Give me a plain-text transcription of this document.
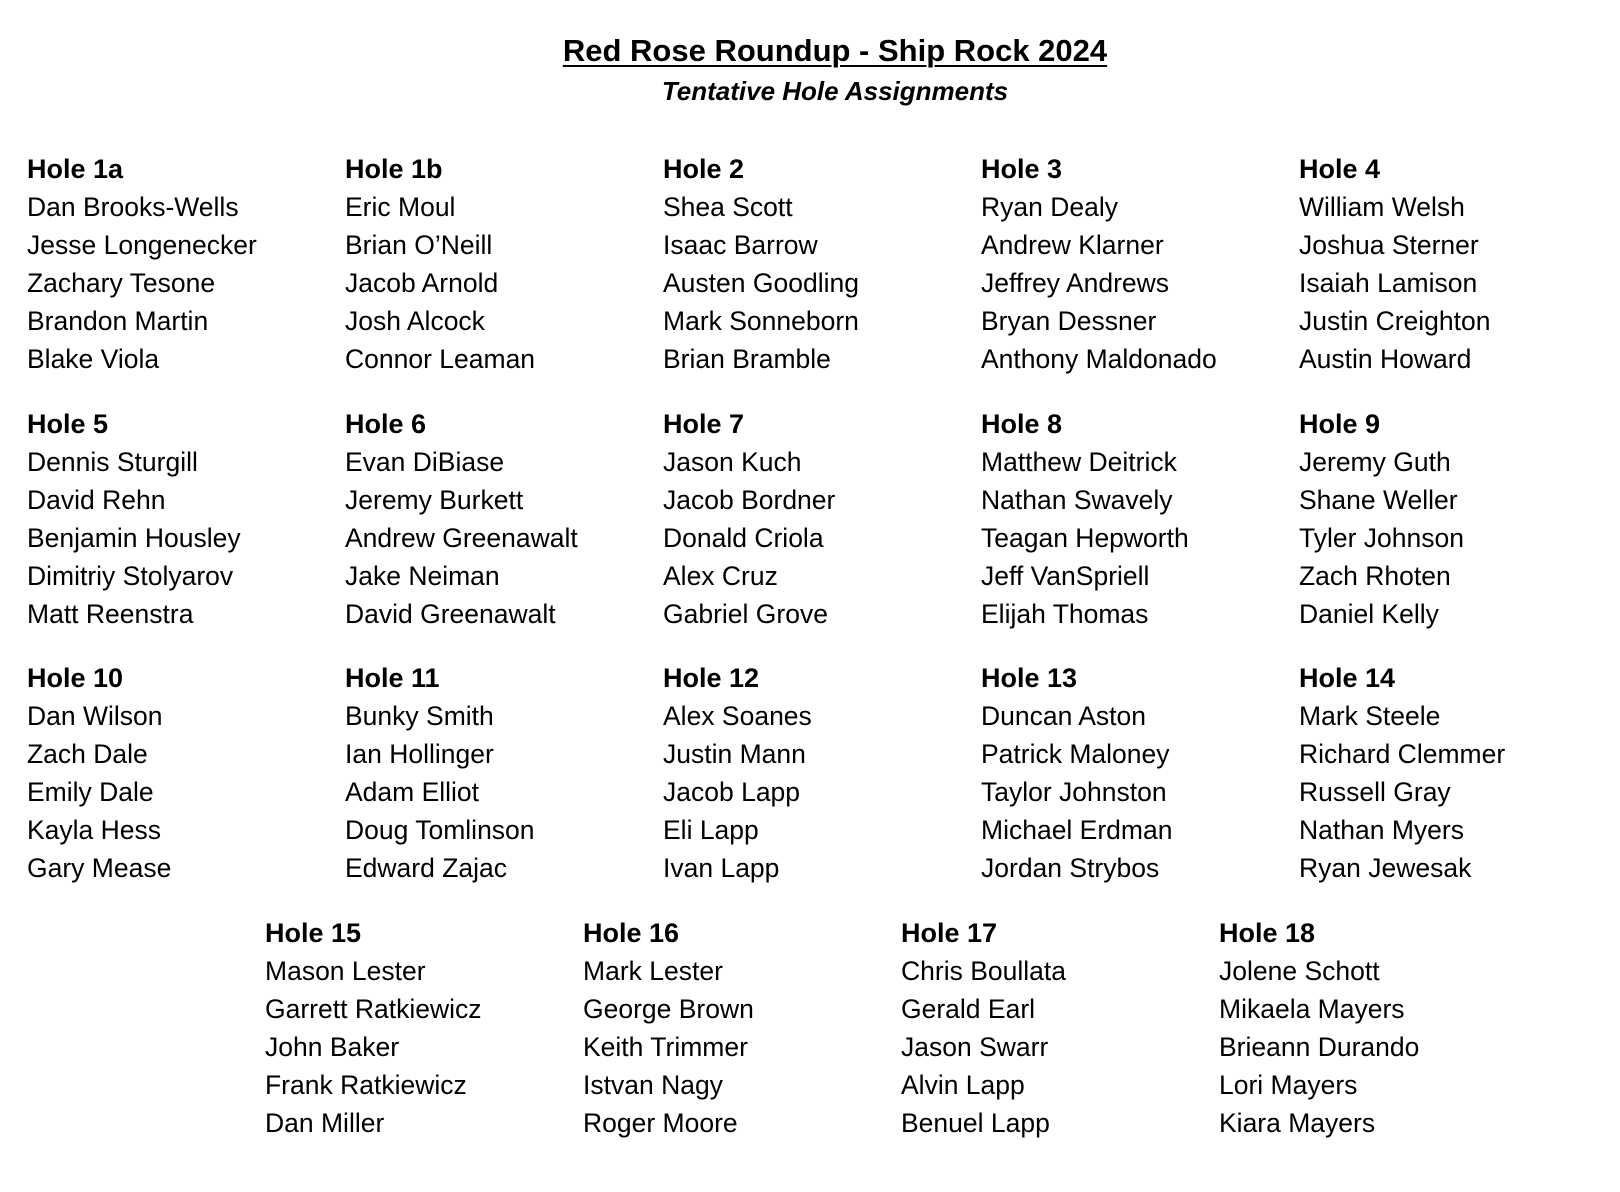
Red Rose Roundup - Ship Rock 2024
Tentative Hole Assignments
Hole 1a
Dan Brooks-Wells
Jesse Longenecker
Zachary Tesone
Brandon Martin
Blake Viola
Hole 1b
Eric Moul
Brian O’Neill
Jacob Arnold
Josh Alcock
Connor Leaman
Hole 2
Shea Scott
Isaac Barrow
Austen Goodling
Mark Sonneborn
Brian Bramble
Hole 3
Ryan Dealy
Andrew Klarner
Jeffrey Andrews
Bryan Dessner
Anthony Maldonado
Hole 4
William Welsh
Joshua Sterner
Isaiah Lamison
Justin Creighton
Austin Howard
Hole 5
Dennis Sturgill
David Rehn
Benjamin Housley
Dimitriy Stolyarov
Matt Reenstra
Hole 6
Evan DiBiase
Jeremy Burkett
Andrew Greenawalt
Jake Neiman
David Greenawalt
Hole 7
Jason Kuch
Jacob Bordner
Donald Criola
Alex Cruz
Gabriel Grove
Hole 8
Matthew Deitrick
Nathan Swavely
Teagan Hepworth
Jeff VanSpriell
Elijah Thomas
Hole 9
Jeremy Guth
Shane Weller
Tyler Johnson
Zach Rhoten
Daniel Kelly
Hole 10
Dan Wilson
Zach Dale
Emily Dale
Kayla Hess
Gary Mease
Hole 11
Bunky Smith
Ian Hollinger
Adam Elliot
Doug Tomlinson
Edward Zajac
Hole 12
Alex Soanes
Justin Mann
Jacob Lapp
Eli Lapp
Ivan Lapp
Hole 13
Duncan Aston
Patrick Maloney
Taylor Johnston
Michael Erdman
Jordan Strybos
Hole 14
Mark Steele
Richard Clemmer
Russell Gray
Nathan Myers
Ryan Jewesak
Hole 15
Mason Lester
Garrett Ratkiewicz
John Baker
Frank Ratkiewicz
Dan Miller
Hole 16
Mark Lester
George Brown
Keith Trimmer
Istvan Nagy
Roger Moore
Hole 17
Chris Boullata
Gerald Earl
Jason Swarr
Alvin Lapp
Benuel Lapp
Hole 18
Jolene Schott
Mikaela Mayers
Brieann Durando
Lori Mayers
Kiara Mayers
